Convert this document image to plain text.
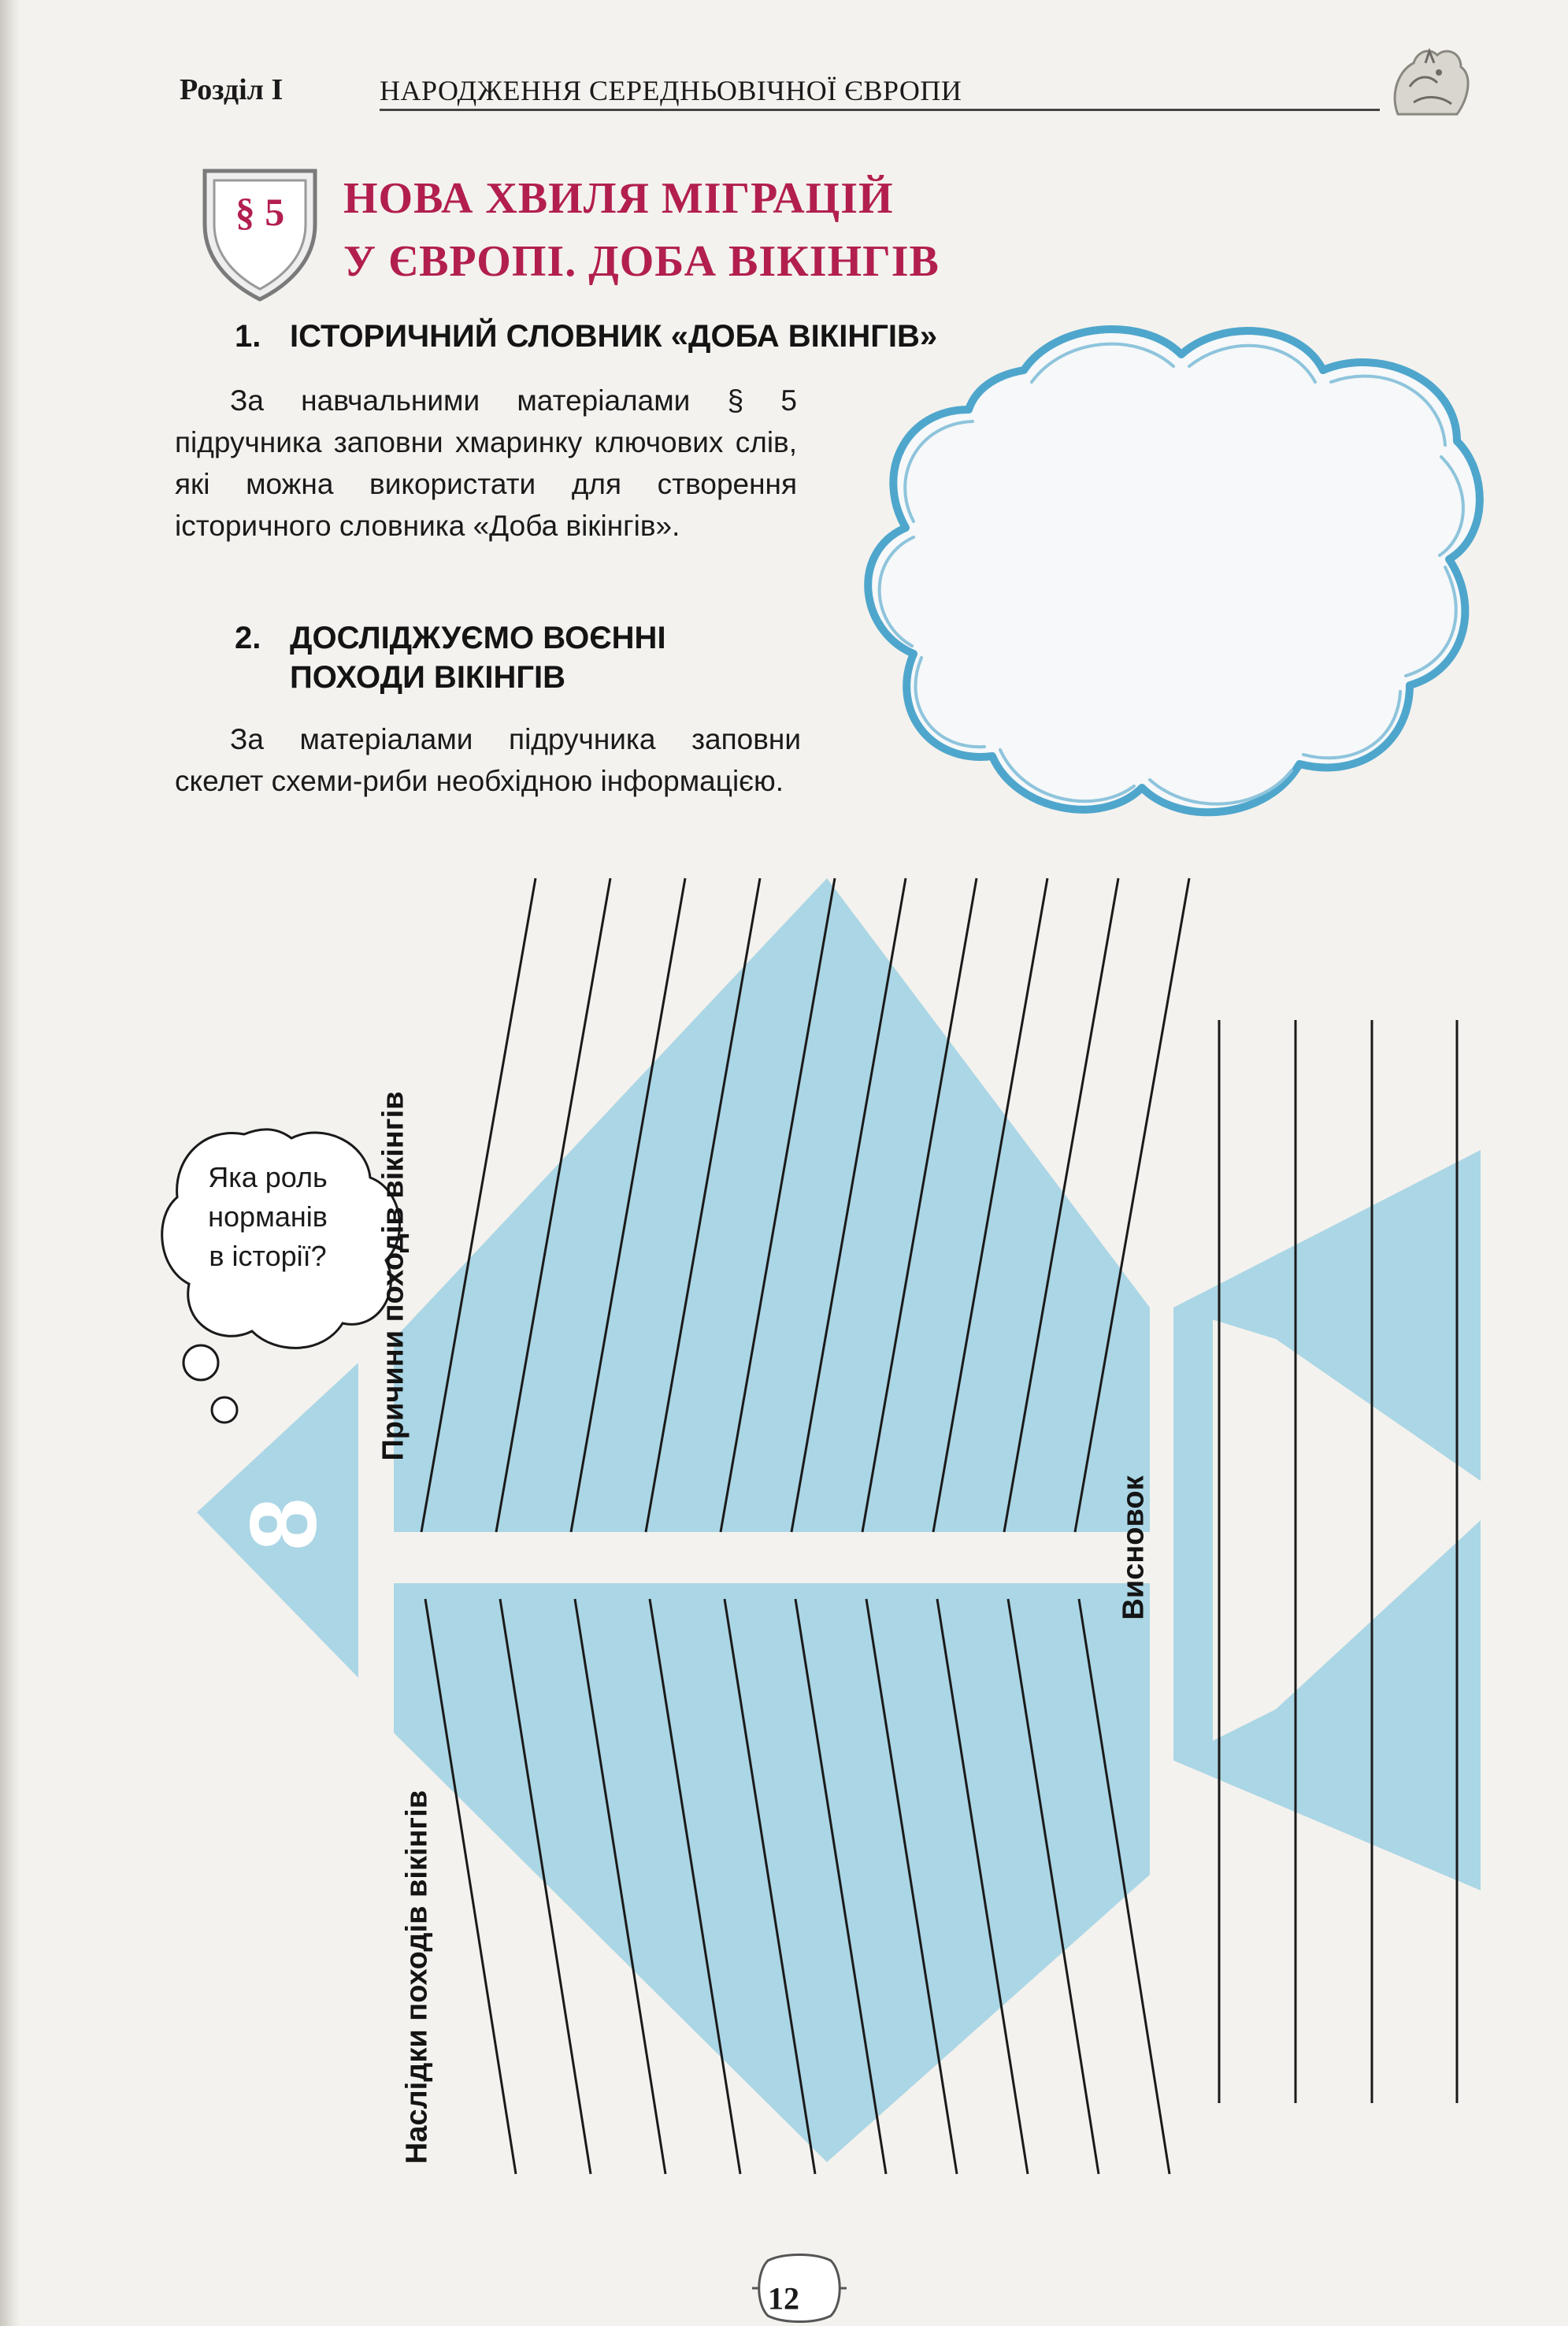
Розділ І	НАРОДЖЕННЯ СЕРЕДНЬОВІЧНОЇ ЄВРОПИ
§ 5	НОВА ХВИЛЯ МІГРАЦІЙ
У ЄВРОПІ. ДОБА ВІКІНГІВ
1. ІСТОРИЧНИЙ СЛОВНИК «ДОБА ВІКІНГІВ»
За навчальними матеріалами § 5 підручника заповни хмаринку ключових слів, які можна використати для створення історичного словника «Доба вікінгів».
2. ДОСЛІДЖУЄМО ВОЄННІ
ПОХОДИ ВІКІНГІВ
За матеріалами підручника заповни скелет схеми-риби необхідною інформацією.
Яка роль
норманів
в історії?
8
Причини походів вікінгів
Наслідки походів вікінгів
Висновок
12
